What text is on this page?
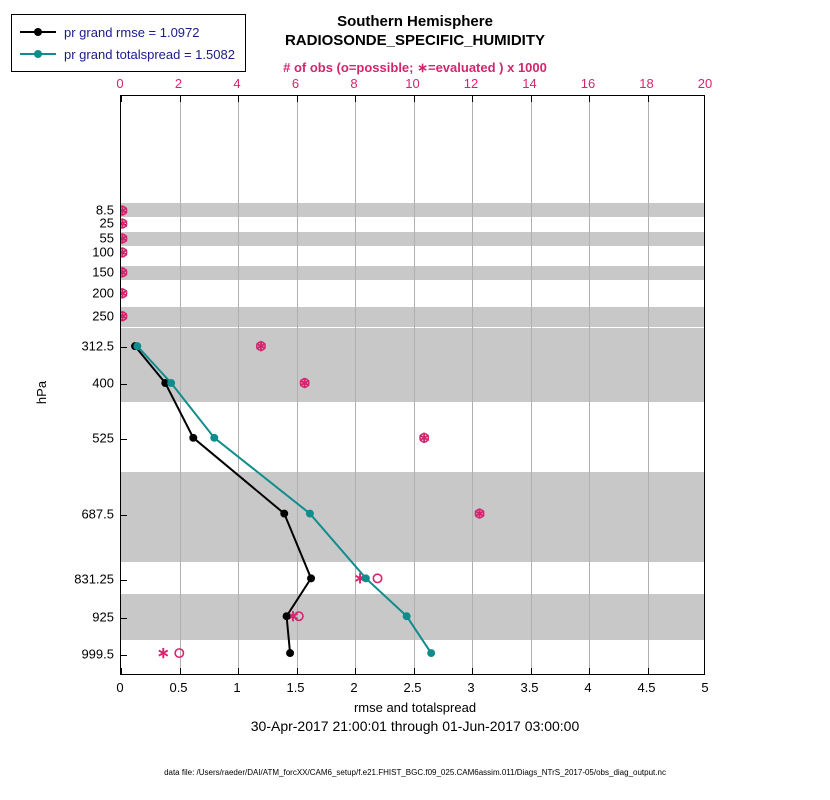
Southern Hemisphere
RADIOSONDE_SPECIFIC_HUMIDITY
# of obs (o=possible; ∗=evaluated ) x 1000
0	2	4	6	8	10	12	14	16	18	20
0	0.5	1	1.5	2	2.5	3	3.5	4	4.5	5
8.5
25
55
100
150
200
250
312.5
400
525
687.5
831.25
925
999.5
rmse and totalspread
hPa
30-Apr-2017 21:00:01 through 01-Jun-2017 03:00:00
data file: /Users/raeder/DAI/ATM_forcXX/CAM6_setup/f.e21.FHIST_BGC.f09_025.CAM6assim.011/Diags_NTrS_2017-05/obs_diag_output.nc
pr grand rmse = 1.0972
pr grand totalspread = 1.5082
